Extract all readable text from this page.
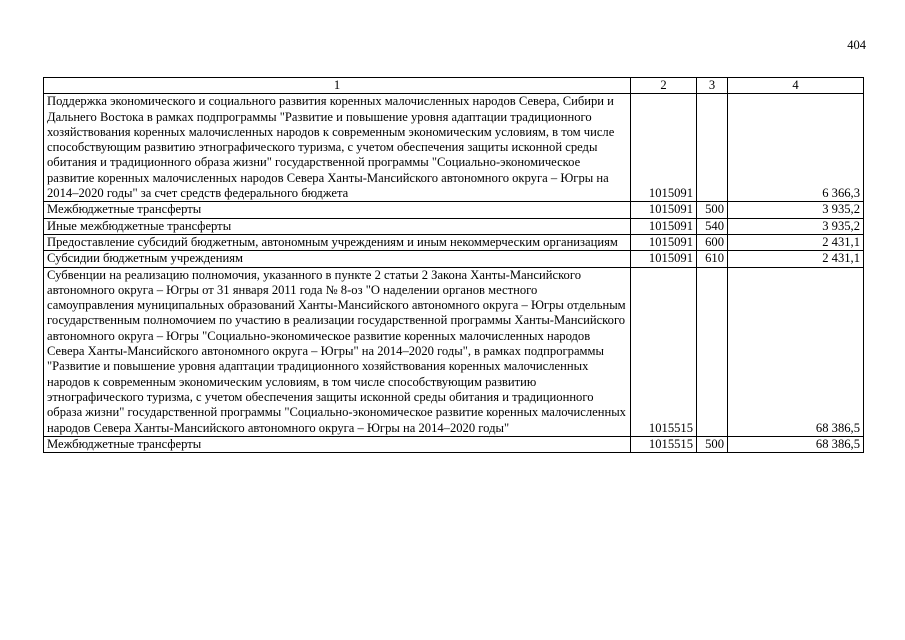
404
1	2	3	4
Поддержка экономического и социального развития коренных малочисленных народов Севера, Сибири и Дальнего Востока в рамках подпрограммы "Развитие и повышение уровня адаптации традиционного хозяйствования коренных малочисленных народов к современным экономическим условиям, в том числе способствующим развитию этнографического туризма, с учетом обеспечения защиты исконной среды обитания и традиционного образа жизни" государственной программы "Социально-экономическое развитие коренных малочисленных народов Севера Ханты-Мансийского автономного округа – Югры на 2014–2020 годы" за счет средств федерального бюджета	1015091		6 366,3
Межбюджетные трансферты	1015091	500	3 935,2
Иные межбюджетные трансферты	1015091	540	3 935,2
Предоставление субсидий бюджетным, автономным учреждениям и иным некоммерческим организациям	1015091	600	2 431,1
Субсидии бюджетным учреждениям	1015091	610	2 431,1
Субвенции на реализацию полномочия, указанного в пункте 2 статьи 2 Закона Ханты-Мансийского автономного округа – Югры от 31 января 2011 года № 8-оз "О наделении органов местного самоуправления муниципальных образований Ханты-Мансийского автономного округа – Югры отдельным государственным полномочием по участию в реализации государственной программы Ханты-Мансийского автономного округа – Югры "Социально-экономическое развитие коренных малочисленных народов Севера Ханты-Мансийского автономного округа – Югры" на 2014–2020 годы", в рамках подпрограммы "Развитие и повышение уровня адаптации традиционного хозяйствования коренных малочисленных народов к современным экономическим условиям, в том числе способствующим развитию этнографического туризма, с учетом обеспечения защиты исконной среды обитания и традиционного образа жизни" государственной программы "Социально-экономическое развитие коренных малочисленных народов Севера Ханты-Мансийского автономного округа – Югры на 2014–2020 годы"	1015515		68 386,5
Межбюджетные трансферты	1015515	500	68 386,5
